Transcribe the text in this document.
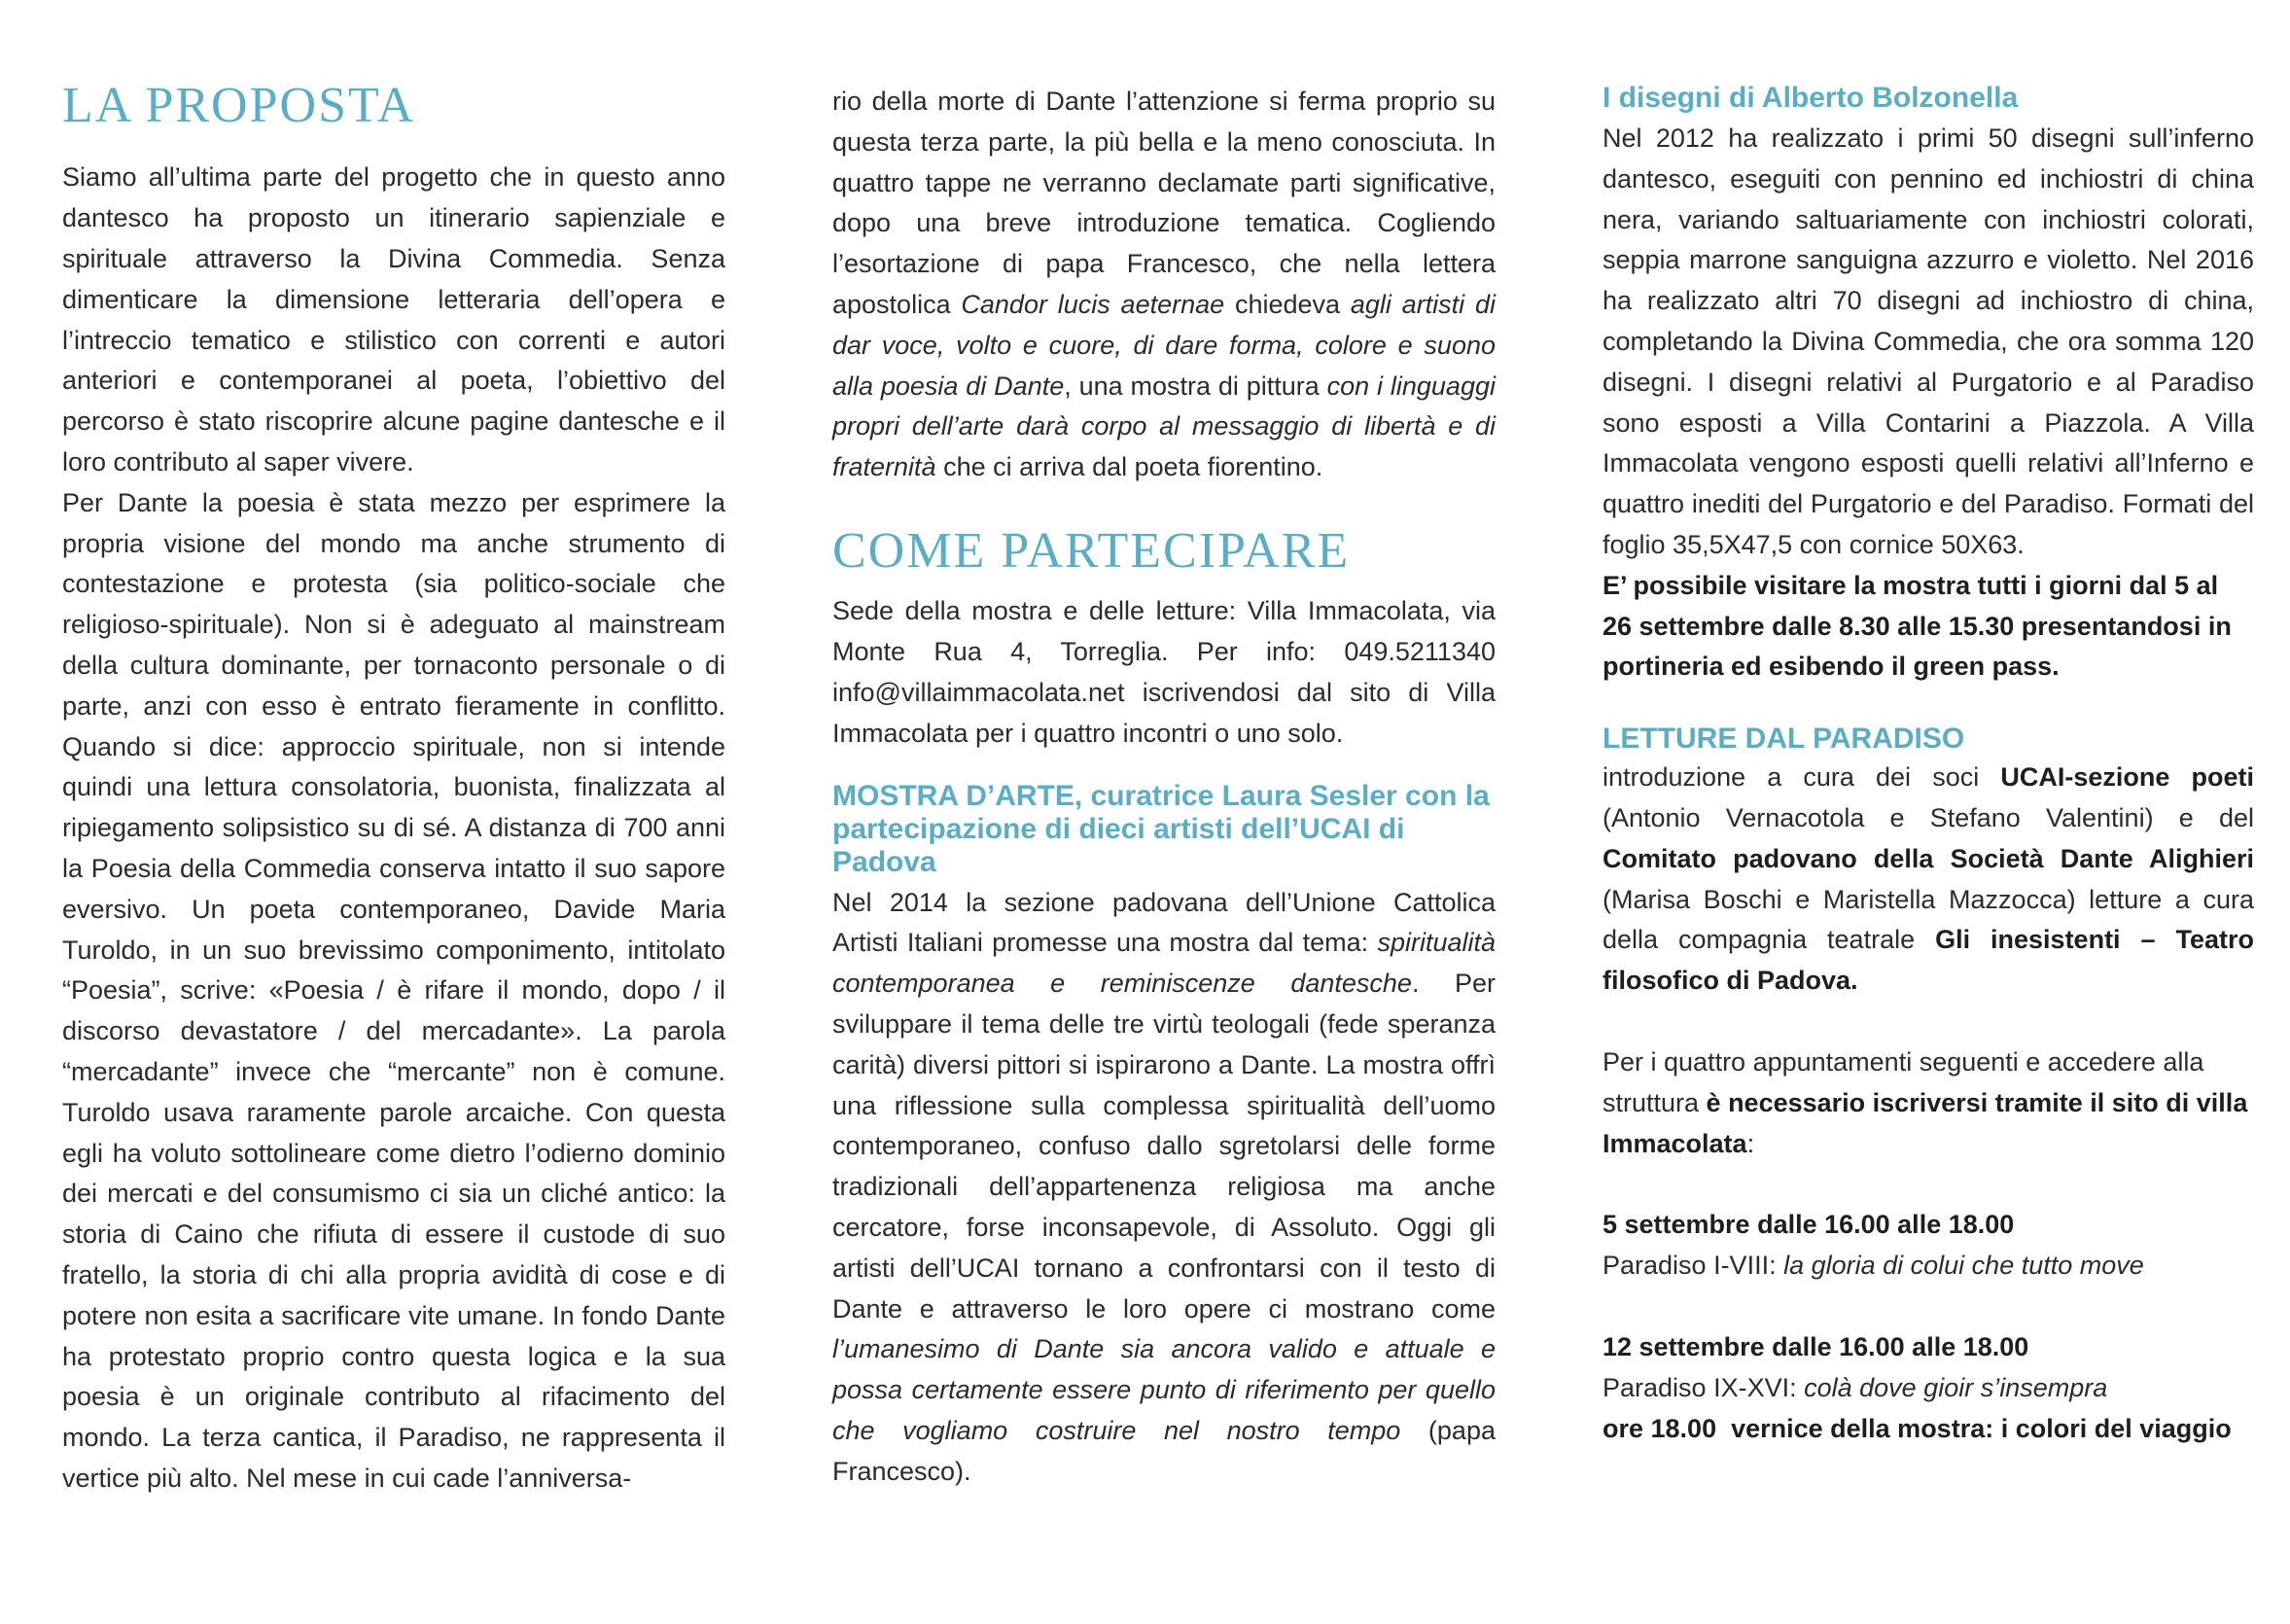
LA PROPOSTA

Siamo all’ultima parte del progetto che in questo anno dantesco ha proposto un itinerario sapienziale e spirituale attraverso la Divina Commedia. Senza dimenticare la dimensione letteraria dell’opera e l’intreccio tematico e stilistico con correnti e autori anteriori e contemporanei al poeta, l’obiettivo del percorso è stato riscoprire alcune pagine dantesche e il loro contributo al saper vivere.

Per Dante la poesia è stata mezzo per esprimere la propria visione del mondo ma anche strumento di contestazione e protesta (sia politico-sociale che religioso-spirituale). Non si è adeguato al mainstream della cultura dominante, per tornaconto personale o di parte, anzi con esso è entrato fieramente in conflitto. Quando si dice: approccio spirituale, non si intende quindi una lettura consolatoria, buonista, finalizzata al ripiegamento solipsistico su di sé. A distanza di 700 anni la Poesia della Commedia conserva intatto il suo sapore eversivo. Un poeta contemporaneo, Davide Maria Turoldo, in un suo brevissimo componimento, intitolato “Poesia”, scrive: «Poesia / è rifare il mondo, dopo / il discorso devastatore / del mercadante». La parola “mercadante” invece che “mercante” non è comune. Turoldo usava raramente parole arcaiche. Con questa egli ha voluto sottolineare come dietro l’odierno dominio dei mercati e del consumismo ci sia un cliché antico: la storia di Caino che rifiuta di essere il custode di suo fratello, la storia di chi alla propria avidità di cose e di potere non esita a sacrificare vite umane. In fondo Dante ha protestato proprio contro questa logica e la sua poesia è un originale contributo al rifacimento del mondo. La terza cantica, il Paradiso, ne rappresenta il vertice più alto. Nel mese in cui cade l’anniversa-

rio della morte di Dante l’attenzione si ferma proprio su questa terza parte, la più bella e la meno conosciuta. In quattro tappe ne verranno declamate parti significative, dopo una breve introduzione tematica. Cogliendo l’esortazione di papa Francesco, che nella lettera apostolica Candor lucis aeternae chiedeva agli artisti di dar voce, volto e cuore, di dare forma, colore e suono alla poesia di Dante, una mostra di pittura con i linguaggi propri dell’arte darà corpo al messaggio di libertà e di fraternità che ci arriva dal poeta fiorentino.

COME PARTECIPARE

Sede della mostra e delle letture: Villa Immacolata, via Monte Rua 4, Torreglia. Per info: 049.5211340 info@villaimmacolata.net iscrivendosi dal sito di Villa Immacolata per i quattro incontri o uno solo.

MOSTRA D’ARTE, curatrice Laura Sesler con la partecipazione di dieci artisti dell’UCAI di Padova

Nel 2014 la sezione padovana dell’Unione Cattolica Artisti Italiani promesse una mostra dal tema: spiritualità contemporanea e reminiscenze dantesche. Per sviluppare il tema delle tre virtù teologali (fede speranza carità) diversi pittori si ispirarono a Dante. La mostra offrì una riflessione sulla complessa spiritualità dell’uomo contemporaneo, confuso dallo sgretolarsi delle forme tradizionali dell’appartenenza religiosa ma anche cercatore, forse inconsapevole, di Assoluto. Oggi gli artisti dell’UCAI tornano a confrontarsi con il testo di Dante e attraverso le loro opere ci mostrano come l’umanesimo di Dante sia ancora valido e attuale e possa certamente essere punto di riferimento per quello che vogliamo costruire nel nostro tempo (papa Francesco).

I disegni di Alberto Bolzonella

Nel 2012 ha realizzato i primi 50 disegni sull’inferno dantesco, eseguiti con pennino ed inchiostri di china nera, variando saltuariamente con inchiostri colorati, seppia marrone sanguigna azzurro e violetto. Nel 2016 ha realizzato altri 70 disegni ad inchiostro di china, completando la Divina Commedia, che ora somma 120 disegni. I disegni relativi al Purgatorio e al Paradiso sono esposti a Villa Contarini a Piazzola. A Villa Immacolata vengono esposti quelli relativi all’Inferno e quattro inediti del Purgatorio e del Paradiso. Formati del foglio 35,5X47,5 con cornice 50X63.

E’ possibile visitare la mostra tutti i giorni dal 5 al 26 settembre dalle 8.30 alle 15.30 presentandosi in portineria ed esibendo il green pass.

LETTURE DAL PARADISO

introduzione a cura dei soci UCAI-sezione poeti (Antonio Vernacotola e Stefano Valentini) e del Comitato padovano della Società Dante Alighieri (Marisa Boschi e Maristella Mazzocca) letture a cura della compagnia teatrale Gli inesistenti – Teatro filosofico di Padova.

Per i quattro appuntamenti seguenti e accedere alla struttura è necessario iscriversi tramite il sito di villa Immacolata:

5 settembre dalle 16.00 alle 18.00

Paradiso I-VIII: la gloria di colui che tutto move

12 settembre dalle 16.00 alle 18.00

Paradiso IX-XVI: colà dove gioir s’insempra

ore 18.00  vernice della mostra: i colori del viaggio
